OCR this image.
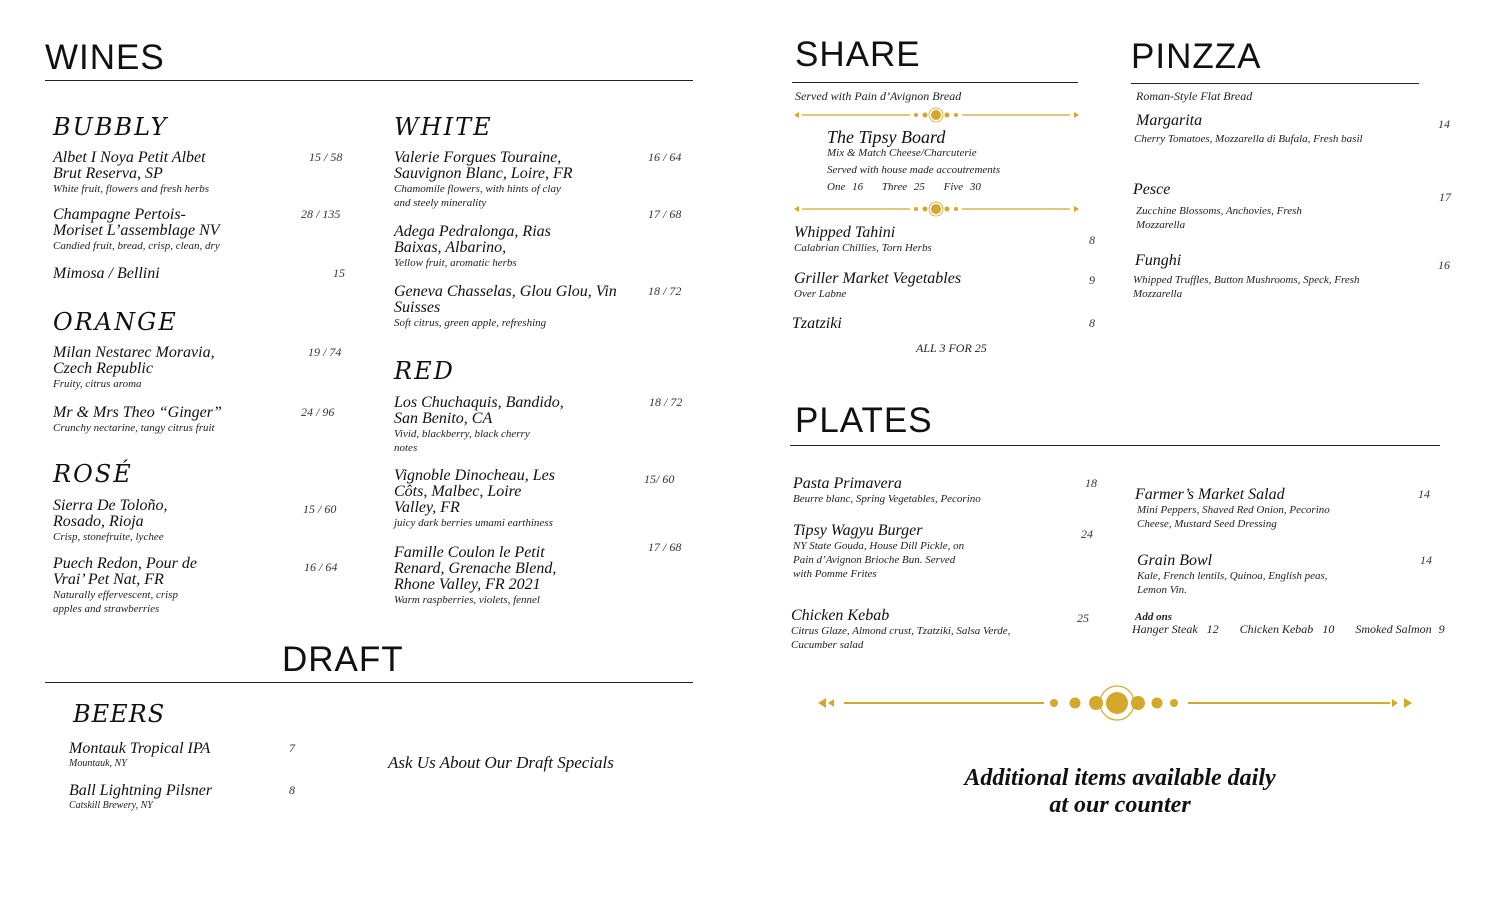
WINES
BUBBLY
Albet I Noya Petit Albet Brut Reserva, SP
White fruit, flowers and fresh herbs
15 / 58
Champagne Pertois-Moriset L’assemblage NV
Candied fruit, bread, crisp, clean, dry
28 / 135
Mimosa / Bellini	15
ORANGE
Milan Nestarec Moravia, Czech Republic
Fruity, citrus aroma
19 / 74
Mr & Mrs Theo “Ginger”
Crunchy nectarine, tangy citrus fruit
24 / 96
ROSÉ
Sierra De Toloño, Rosado, Rioja
Crisp, stonefruite, lychee
15 / 60
Puech Redon, Pour de Vrai’ Pet Nat, FR
Naturally effervescent, crisp apples and strawberries
16 / 64
WHITE
Valerie Forgues Touraine, Sauvignon Blanc, Loire, FR
Chamomile flowers, with hints of clay and steely minerality
16 / 64
Adega Pedralonga, Rias Baixas, Albarino,
Yellow fruit, aromatic herbs
17 / 68
Geneva Chasselas, Glou Glou, Vin Suisses
Soft citrus, green apple, refreshing
18 / 72
RED
Los Chuchaquis, Bandido, San Benito, CA
Vivid, blackberry, black cherry notes
18 / 72
Vignoble Dinocheau, Les Côts, Malbec, Loire Valley, FR
juicy dark berries umami earthiness
15/ 60
Famille Coulon le Petit Renard, Grenache Blend, Rhone Valley, FR 2021
Warm raspberries, violets, fennel
17 / 68
DRAFT
BEERS
Montauk Tropical IPA
Mountauk, NY
7
Ball Lightning Pilsner
Catskill Brewery, NY
8
Ask Us About Our Draft Specials
SHARE
Served with Pain d’Avignon Bread
The Tipsy Board
Mix & Match Cheese/Charcuterie
Served with house made accoutrements
One 16 Three 25 Five 30
Whipped Tahini
Calabrian Chillies, Torn Herbs
8
Griller Market Vegetables
Over Labne
9
Tzatziki	8
ALL 3 FOR 25
PINZZA
Roman-Style Flat Bread
Margarita
Cherry Tomatoes, Mozzarella di Bufala, Fresh basil
14
Pesce
Zucchine Blossoms, Anchovies, Fresh Mozzarella
17
Funghi
Whipped Truffles, Button Mushrooms, Speck, Fresh Mozzarella
16
PLATES
Pasta Primavera
Beurre blanc, Spring Vegetables, Pecorino
18
Tipsy Wagyu Burger
NY State Gouda, House Dill Pickle, on Pain d’Avignon Brioche Bun. Served with Pomme Frites
24
Chicken Kebab
Citrus Glaze, Almond crust, Tzatziki, Salsa Verde, Cucumber salad
25
Farmer’s Market Salad
Mini Peppers, Shaved Red Onion, Pecorino Cheese, Mustard Seed Dressing
14
Grain Bowl
Kale, French lentils, Quinoa, English peas, Lemon Vin.
14
Add ons
Hanger Steak 12 Chicken Kebab 10 Smoked Salmon 9
Additional items available daily
at our counter
